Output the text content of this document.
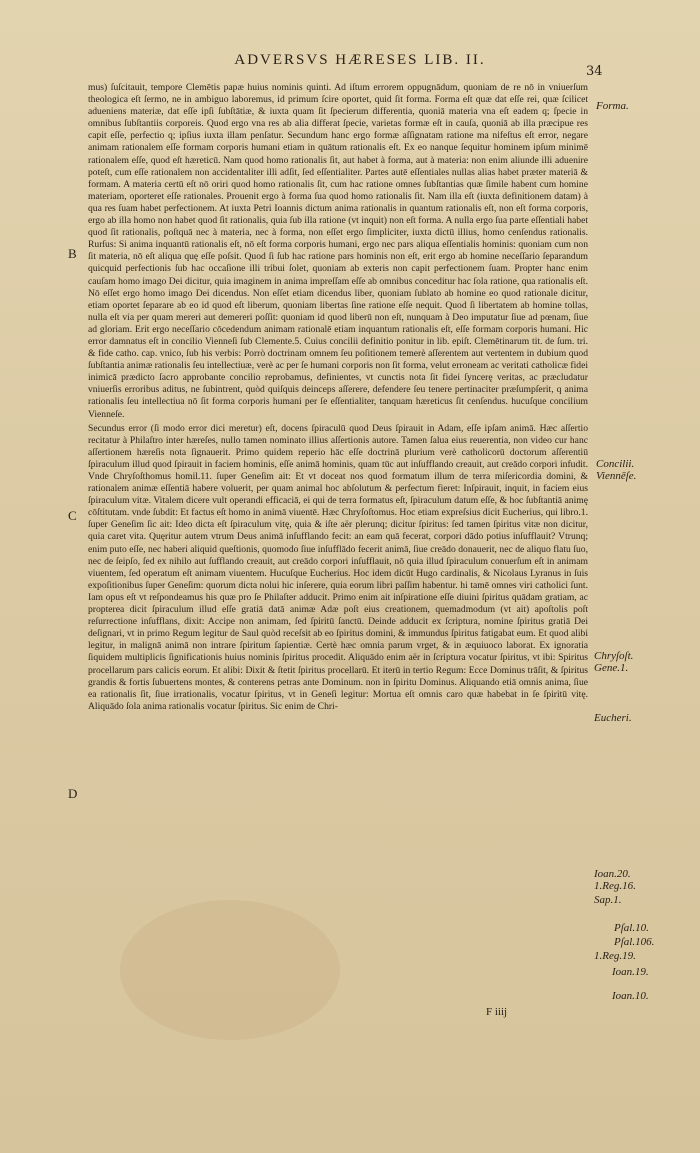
ADVERSVS HÆRESES LIB. II.
34
B
C
D
Forma.
Concilii. Viennēſe.
Chryſoſt. Gene.1.
Eucheri.
Ioan.20.
1.Reg.16.
Sap.1.
Pſal.10.
Pſal.106.
1.Reg.19.
Ioan.19.
Ioan.10.

mus) ſuſcitauit, tempore Clemētis papæ huius nominis quinti. Ad iſtum errorem oppugnādum, quoniam de re nō in vniuerſum theologica eſt ſermo, ne in ambiguo laboremus, id primum ſcire oportet, quid ſit forma. Forma eſt quæ dat eſſe rei, quæ ſcilicet adueniens materiæ, dat eſſe ipſi ſubſtātiæ, & iuxta quam ſit ſpecierum differentia, quoniā materia vna eſt eadem q; ſpecie in omnibus ſubſtantiis corporeis. Quod ergo vna res ab alia differat ſpecie, varietas formæ eſt in cauſa, quoniā ab illa præcipue res capit eſſe, perfectio q; ipſius iuxta illam penſatur. Secundum hanc ergo formæ aſſignatam ratione ma nifeſtus eſt error, negare animam rationalem eſſe formam corporis humani etiam in quātum rationalis eſt. Ex eo nanque ſequitur hominem ipſum minimē rationalem eſſe, quod eſt hæreticū. Nam quod homo rationalis ſit, aut habet à forma, aut à materia: non enim aliunde illi aduenire poteſt, cum eſſe rationalem non accidentaliter illi adſit, ſed eſſentialiter. Partes autē eſſentiales nullas alias habet præter materiā & formam. A materia certū eſt nō oriri quod homo rationalis ſit, cum hac ratione omnes ſubſtantias quæ ſimile habent cum homine materiam, oporteret eſſe rationales. Prouenit ergo à forma ſua quod homo rationalis ſit. Nam illa eſt (iuxta definitionem datam) à qua res ſuam habet perfectionem. At iuxta Petri Ioannis dictum anima rationalis in quantum rationalis eſt, non eſt forma corporis, ergo ab illa homo non habet quod ſit rationalis, quia ſub illa ratione (vt inquit) non eſt forma. A nulla ergo ſua parte eſſentiali habet quod ſit rationalis, poſtquā nec à materia, nec à forma, non eſſet ergo ſimpliciter, iuxta dictū illius, homo cenſendus rationalis. Rurſus: Si anima inquantū rationalis eſt, nō eſt forma corporis humani, ergo nec pars aliqua eſſentialis hominis: quoniam cum non ſit materia, nō eſt aliqua quę eſſe poſsit. Quod ſi ſub hac ratione pars hominis non eſt, erit ergo ab homine neceſſario ſeparandum quicquid perfectionis ſub hac occaſione illi tribui ſolet, quoniam ab exteris non capit perfectionem ſuam. Propter hanc enim cauſam homo imago Dei dicitur, quia imaginem in anima impreſſam eſſe ab omnibus conceditur hac ſola ratione, qua rationalis eſt. Nō eſſet ergo homo imago Dei dicendus. Non eſſet etiam dicendus liber, quoniam ſublato ab homine eo quod rationale dicitur, etiam oportet ſeparare ab eo id quod eſt liberum, quoniam libertas ſine ratione eſſe nequit. Quod ſi libertatem ab homine tollas, nulla eſt via per quam mereri aut demereri poſſit: quoniam id quod liberū non eſt, nunquam à Deo imputatur ſiue ad pœnam, ſiue ad gloriam. Erit ergo neceſſario cōcedendum animam rationalē etiam inquantum rationalis eſt, eſſe formam corporis humani. Hic error damnatus eſt in concilio Vienneſi ſub Clemente.5. Cuius concilii definitio ponitur in lib. epiſt. Clemētinarum tit. de ſum. tri. & fide catho. cap. vnico, ſub his verbis: Porrò doctrinam omnem ſeu poſitionem temerè aſſerentem aut vertentem in dubium quod ſubſtantia animæ rationalis ſeu intellectiuæ, verè ac per ſe humani corporis non ſit forma, velut erroneam ac veritati catholicæ fidei inimicā prædicto ſacro approbante concilio reprobamus, definientes, vt cunctis nota ſit fidei ſyncerę veritas, ac præcludatur vniuerſis erroribus aditus, ne ſubintrent, quòd quiſquis deinceps aſſerere, defendere ſeu tenere pertinaciter præſumpſerit, q anima rationalis ſeu intellectiua nō ſit forma corporis humani per ſe eſſentialiter, tanquam hæreticus ſit cenſendus. hucuſque concilium Vienneſe.

Secundus error (ſi modo error dici meretur) eſt, docens ſpiraculū quod Deus ſpirauit in Adam, eſſe ipſam animā. Hæc aſſertio recitatur à Philaſtro inter hæreſes, nullo tamen nominato illius aſſertionis autore. Tamen ſalua eius reuerentia, non video cur hanc aſſertionem hæreſis nota ſignauerit. Primo quidem reperio hāc eſſe doctrinā plurium verè catholicorū doctorum aſſerentiū ſpiraculum illud quod ſpirauit in faciem hominis, eſſe animā hominis, quam tūc aut inſufflando creauit, aut creādo corpori infudit. Vnde Chryſoſthomus homil.11. ſuper Geneſim ait: Et vt doceat nos quod formatum illum de terra miſericordia domini, & rationalem animæ eſſentiā habere voluerit, per quam animal hoc abſolutum & perfectum fieret: Inſpirauit, inquit, in faciem eius ſpiraculum vitæ. Vitalem dicere vult operandi efficaciā, ei qui de terra formatus eſt, ſpiraculum datum eſſe, & hoc ſubſtantiā animę cōſtitutam. vnde ſubdit: Et factus eſt homo in animā viuentē. Hæc Chryſoſtomus. Hoc etiam expreſsius dicit Eucherius, qui libro.1. ſuper Geneſim ſic ait: Ideo dicta eſt ſpiraculum vitę, quia & iſte aër plerunq; dicitur ſpiritus: ſed tamen ſpiritus vitæ non dicitur, quia caret vita. Quęritur autem vtrum Deus animā inſufflando fecit: an eam quā fecerat, corpori dādo potius inſufflauit? Vtrunq; enim puto eſſe, nec haberi aliquid queſtionis, quomodo ſiue inſufflādo fecerit animā, ſiue creādo donauerit, nec de aliquo flatu ſuo, nec de ſeipſo, ſed ex nihilo aut ſufflando creauit, aut creādo corpori inſufflauit, nō quia illud ſpiraculum conuerſum eſt in animam viuentem, ſed operatum eſt animam viuentem. Hucuſque Eucherius. Hoc idem dicūt Hugo cardinalis, & Nicolaus Lyranus in ſuis expoſitionibus ſuper Geneſim: quorum dicta nolui hic inſerere, quia eorum libri paſſim habentur. hi tamē omnes viri catholici ſunt. Iam opus eſt vt reſpondeamus his quæ pro ſe Philaſter adducit. Primo enim ait inſpiratione eſſe diuini ſpiritus quādam gratiam, ac propterea dicit ſpiraculum illud eſſe gratiā datā animæ Adæ poſt eius creationem, quemadmodum (vt ait) apoſtolis poſt reſurrectione inſufflans, dixit: Accipe non animam, ſed ſpiritū ſanctū. Deinde adducit ex ſcriptura, nomine ſpiritus gratiā Dei deſignari, vt in primo Regum legitur de Saul quòd receſsit ab eo ſpiritus domini, & immundus ſpiritus fatigabat eum. Et quod alibi legitur, in malignā animā non intrare ſpiritum ſapientiæ. Certè hæc omnia parum vrget, & in æquiuoco laborat. Ex ignoratia ſiquidem multiplicis ſignificationis huius nominis ſpiritus procedit. Aliquādo enim aër in ſcriptura vocatur ſpiritus, vt ibi: Spiritus procellarum pars calicis eorum. Et alibi: Dixit & ſtetit ſpiritus procellarū. Et iterū in tertio Regum: Ecce Dominus trāſit, & ſpiritus grandis & fortis ſubuertens montes, & conterens petras ante Dominum. non in ſpiritu Dominus. Aliquando etiā omnis anima, ſiue ea rationalis ſit, ſiue irrationalis, vocatur ſpiritus, vt in Geneſi legitur: Mortua eſt omnis caro quæ habebat in ſe ſpiritū vitę. Aliquādo ſola anima rationalis vocatur ſpiritus. Sic enim de Chri-

F iiij
